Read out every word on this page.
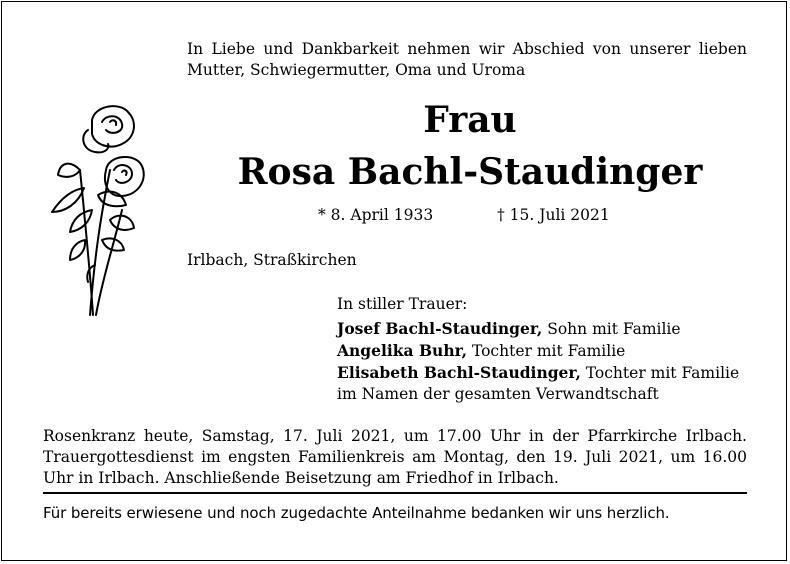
In Liebe und Dankbarkeit nehmen wir Abschied von unserer lieben Mutter, Schwiegermutter, Oma und Uroma
Frau
Rosa Bachl-Staudinger
* 8. April 1933	† 15. Juli 2021
Irlbach, Straßkirchen
In stiller Trauer:
Josef Bachl-Staudinger, Sohn mit Familie
Angelika Buhr, Tochter mit Familie
Elisabeth Bachl-Staudinger, Tochter mit Familie
im Namen der gesamten Verwandtschaft
Rosenkranz heute, Samstag, 17. Juli 2021, um 17.00 Uhr in der Pfarrkirche Irlbach. Trauergottesdienst im engsten Familienkreis am Montag, den 19. Juli 2021, um 16.00 Uhr in Irlbach. Anschließende Beisetzung am Friedhof in Irlbach.
Für bereits erwiesene und noch zugedachte Anteilnahme bedanken wir uns herzlich.
